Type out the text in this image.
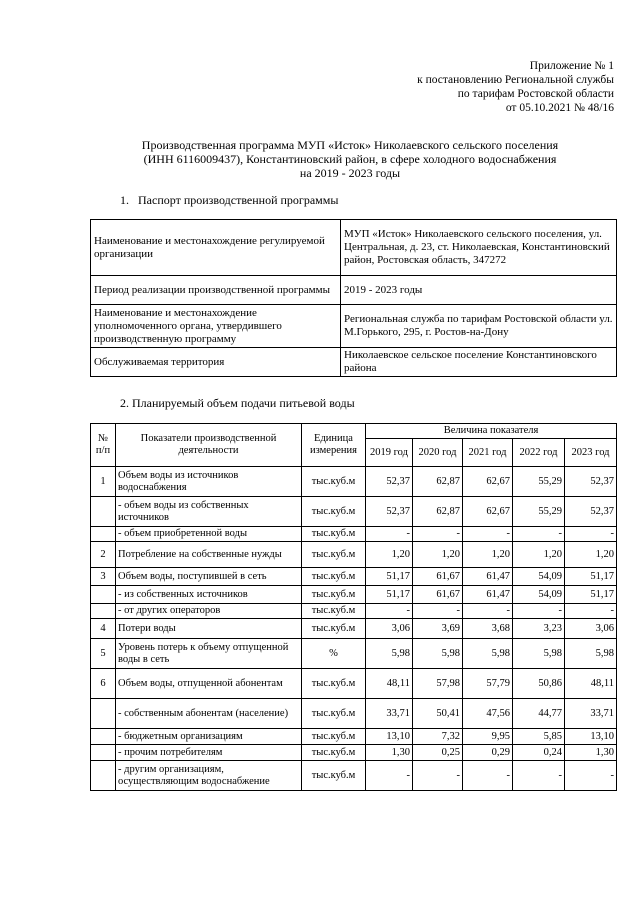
Приложение № 1
к постановлению Региональной службы
по тарифам Ростовской области
от 05.10.2021 № 48/16
Производственная программа МУП «Исток» Николаевского сельского поселения
(ИНН 6116009437), Константиновский район, в сфере холодного водоснабжения
на 2019 - 2023 годы
1. Паспорт производственной программы
Наименование и местонахождение регулируемой организации	МУП «Исток» Николаевского сельского поселения, ул. Центральная, д. 23, ст. Николаевская, Константиновский район, Ростовская область, 347272
Период реализации производственной программы	2019 - 2023 годы
Наименование и местонахождение уполномоченного органа, утвердившего производственную программу	Региональная служба по тарифам Ростовской области ул. М.Горького, 295, г. Ростов-на-Дону
Обслуживаемая территория	Николаевское сельское поселение Константиновского района
2. Планируемый объем подачи питьевой воды
№ п/п	Показатели производственной деятельности	Единица измерения	Величина показателя				
			2019 год	2020 год	2021 год	2022 год	2023 год
1	Объем воды из источников водоснабжения	тыс.куб.м	52,37	62,87	62,67	55,29	52,37
	- объем воды из собственных источников	тыс.куб.м	52,37	62,87	62,67	55,29	52,37
	- объем приобретенной воды	тыс.куб.м	-	-	-	-	-
2	Потребление на собственные нужды	тыс.куб.м	1,20	1,20	1,20	1,20	1,20
3	Объем воды, поступившей в сеть	тыс.куб.м	51,17	61,67	61,47	54,09	51,17
	- из собственных источников	тыс.куб.м	51,17	61,67	61,47	54,09	51,17
	- от других операторов	тыс.куб.м	-	-	-	-	-
4	Потери воды	тыс.куб.м	3,06	3,69	3,68	3,23	3,06
5	Уровень потерь к объему отпущенной воды в сеть	%	5,98	5,98	5,98	5,98	5,98
6	Объем воды, отпущенной абонентам	тыс.куб.м	48,11	57,98	57,79	50,86	48,11
	- собственным абонентам (население)	тыс.куб.м	33,71	50,41	47,56	44,77	33,71
	- бюджетным организациям	тыс.куб.м	13,10	7,32	9,95	5,85	13,10
	- прочим потребителям	тыс.куб.м	1,30	0,25	0,29	0,24	1,30
	- другим организациям, осуществляющим водоснабжение	тыс.куб.м	-	-	-	-	-
